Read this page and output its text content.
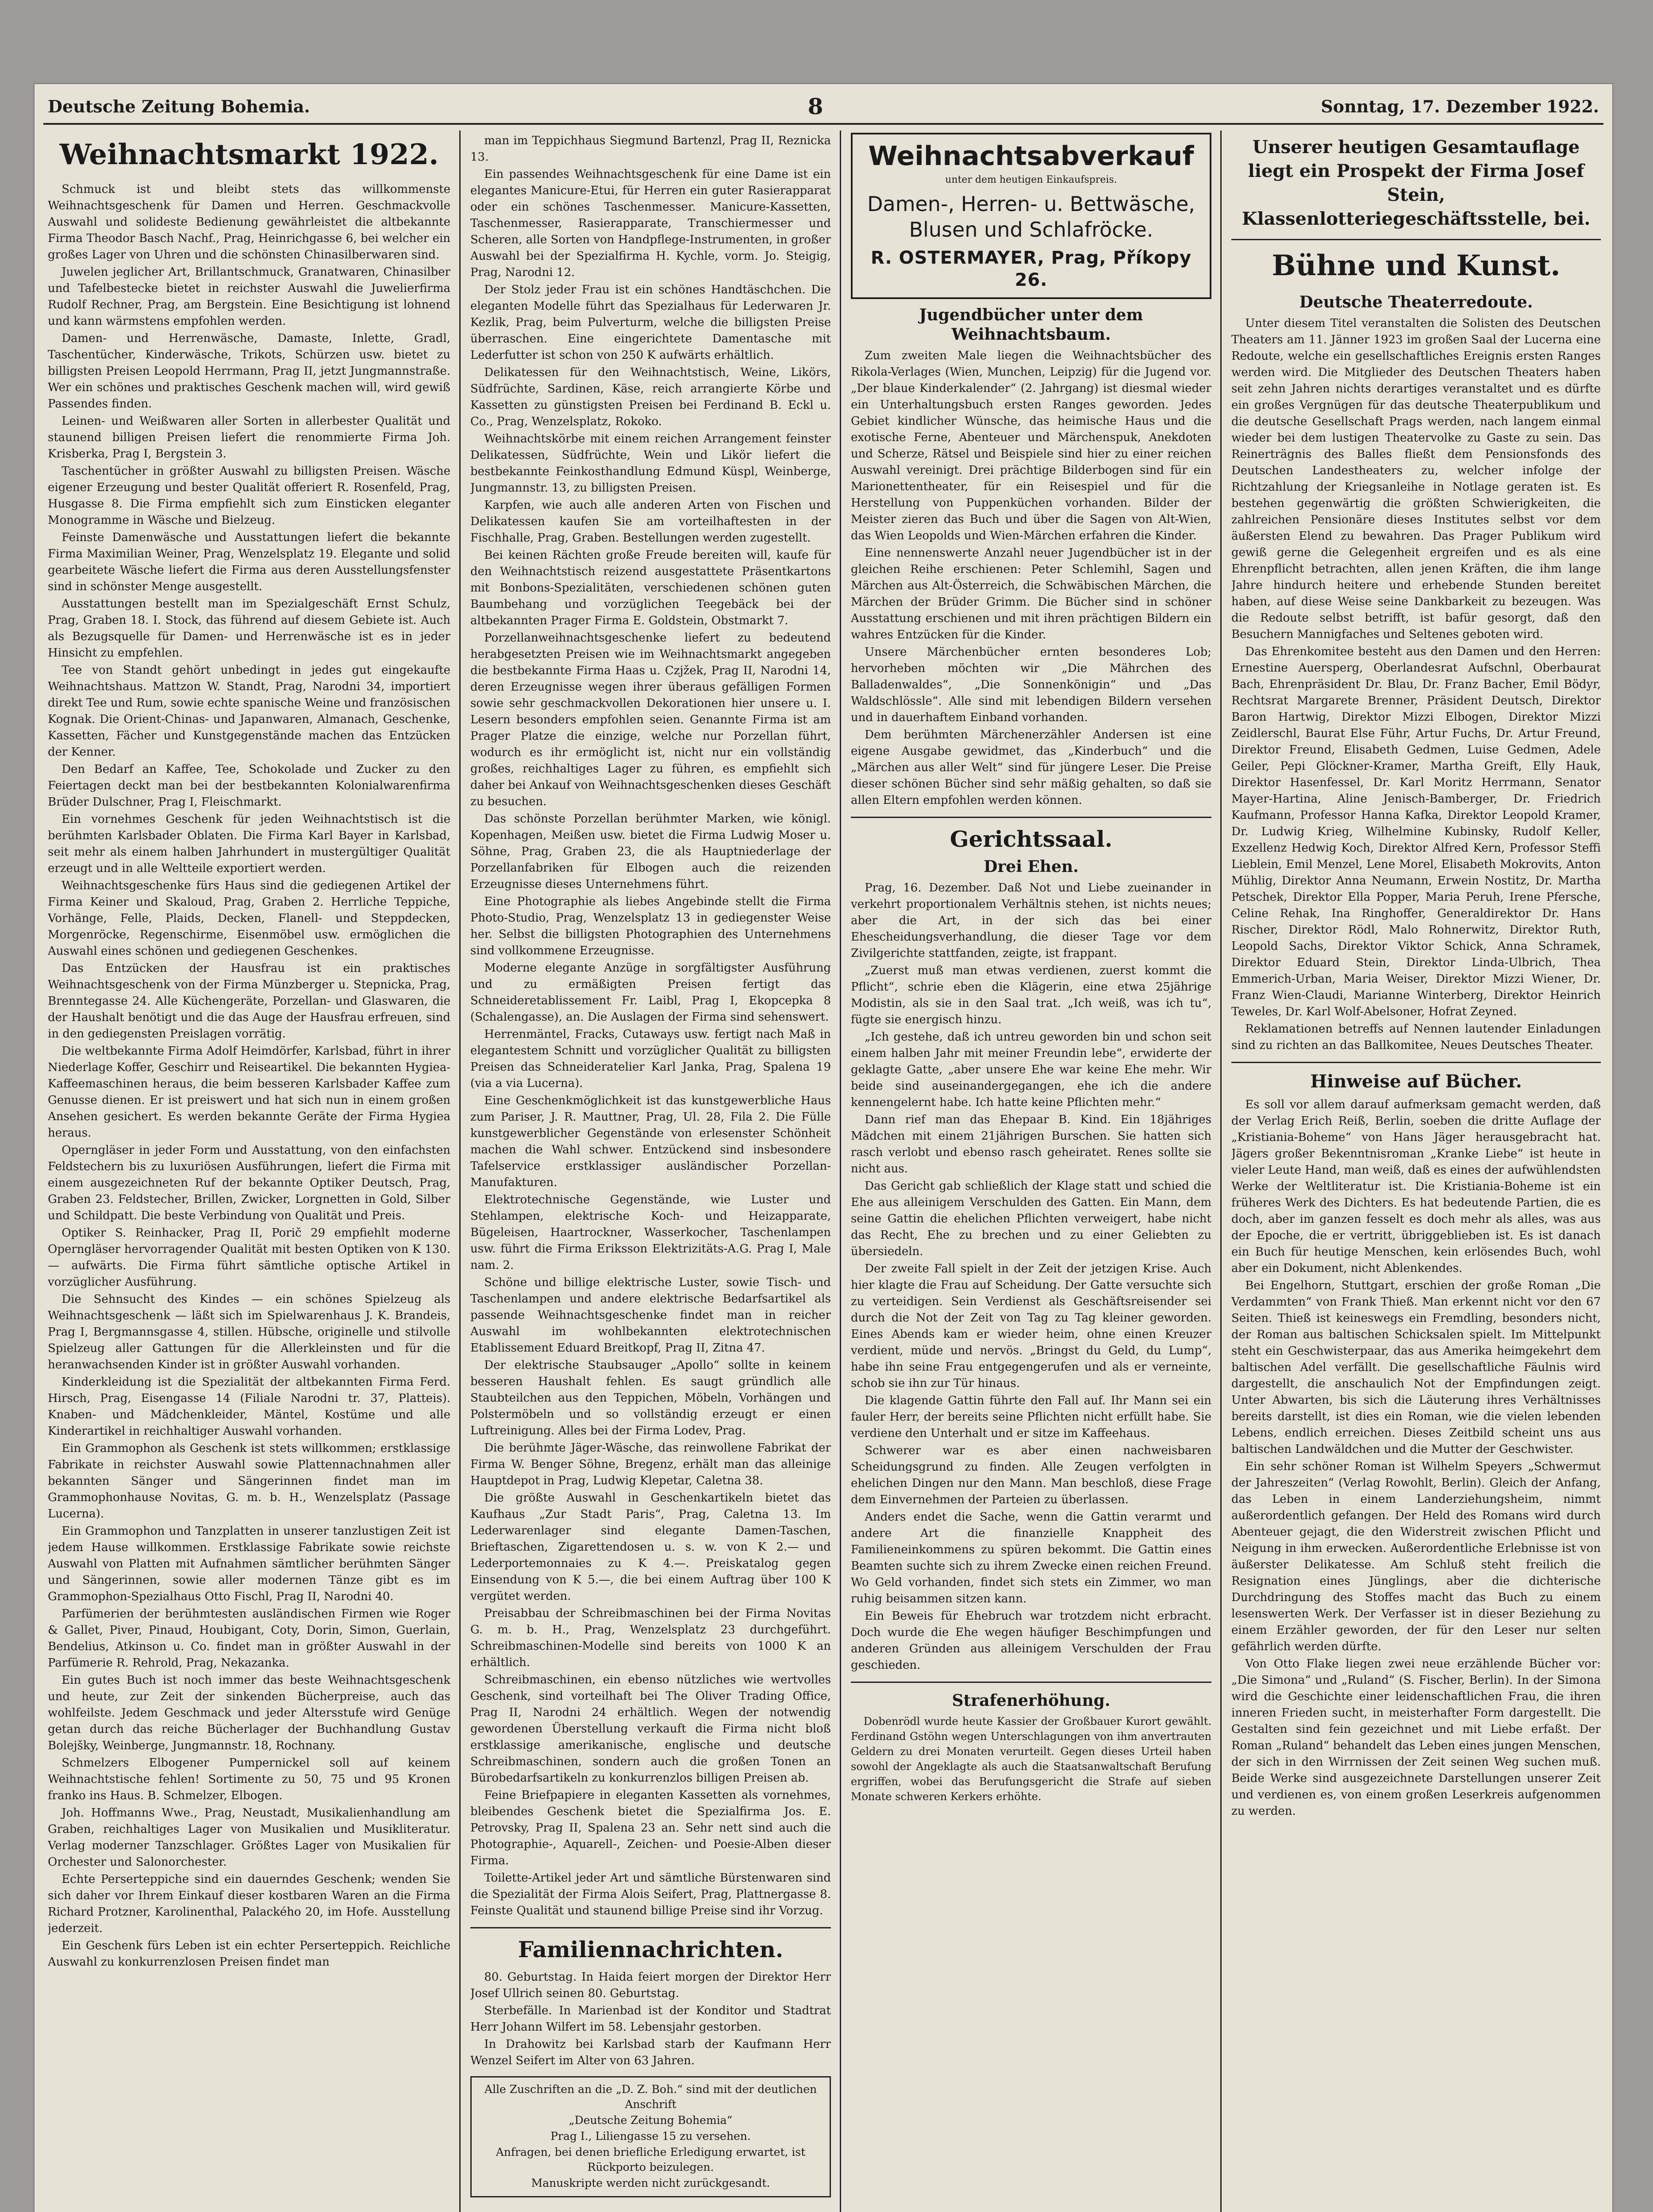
Deutsche Zeitung Bohemia.	8	Sonntag, 17. Dezember 1922.
Weihnachtsmarkt 1922.

Schmuck ist und bleibt stets das willkommenste Weihnachtsgeschenk für Damen und Herren. Geschmackvolle Auswahl und solideste Bedienung gewährleistet die altbekannte Firma Theodor Basch Nachf., Prag, Heinrichgasse 6, bei welcher ein großes Lager von Uhren und die schönsten Chinasilberwaren sind.

Juwelen jeglicher Art, Brillantschmuck, Granatwaren, Chinasilber und Tafelbestecke bietet in reichster Auswahl die Juwelierfirma Rudolf Rechner, Prag, am Bergstein. Eine Besichtigung ist lohnend und kann wärmstens empfohlen werden.

Damen- und Herrenwäsche, Damaste, Inlette, Gradl, Taschentücher, Kinderwäsche, Trikots, Schürzen usw. bietet zu billigsten Preisen Leopold Herrmann, Prag II, jetzt Jungmannstraße. Wer ein schönes und praktisches Geschenk machen will, wird gewiß Passendes finden.

Leinen- und Weißwaren aller Sorten in allerbester Qualität und staunend billigen Preisen liefert die renommierte Firma Joh. Krisberka, Prag I, Bergstein 3.

Taschentücher in größter Auswahl zu billigsten Preisen. Wäsche eigener Erzeugung und bester Qualität offeriert R. Rosenfeld, Prag, Husgasse 8. Die Firma empfiehlt sich zum Einsticken eleganter Monogramme in Wäsche und Bielzeug.

Feinste Damenwäsche und Ausstattungen liefert die bekannte Firma Maximilian Weiner, Prag, Wenzelsplatz 19. Elegante und solid gearbeitete Wäsche liefert die Firma aus deren Ausstellungsfenster sind in schönster Menge ausgestellt.

Ausstattungen bestellt man im Spezialgeschäft Ernst Schulz, Prag, Graben 18. I. Stock, das führend auf diesem Gebiete ist. Auch als Bezugsquelle für Damen- und Herrenwäsche ist es in jeder Hinsicht zu empfehlen.

Tee von Standt gehört unbedingt in jedes gut eingekaufte Weihnachtshaus. Mattzon W. Standt, Prag, Narodni 34, importiert direkt Tee und Rum, sowie echte spanische Weine und französischen Kognak. Die Orient-Chinas- und Japanwaren, Almanach, Geschenke, Kassetten, Fächer und Kunstgegenstände machen das Entzücken der Kenner.

Den Bedarf an Kaffee, Tee, Schokolade und Zucker zu den Feiertagen deckt man bei der bestbekannten Kolonialwarenfirma Brüder Dulschner, Prag I, Fleischmarkt.

Ein vornehmes Geschenk für jeden Weihnachtstisch ist die berühmten Karlsbader Oblaten. Die Firma Karl Bayer in Karlsbad, seit mehr als einem halben Jahrhundert in mustergültiger Qualität erzeugt und in alle Weltteile exportiert werden.

Weihnachtsgeschenke fürs Haus sind die gediegenen Artikel der Firma Keiner und Skaloud, Prag, Graben 2. Herrliche Teppiche, Vorhänge, Felle, Plaids, Decken, Flanell- und Steppdecken, Morgenröcke, Regenschirme, Eisenmöbel usw. ermöglichen die Auswahl eines schönen und gediegenen Geschenkes.

Das Entzücken der Hausfrau ist ein praktisches Weihnachtsgeschenk von der Firma Münzberger u. Stepnicka, Prag, Brenntegasse 24. Alle Küchengeräte, Porzellan- und Glaswaren, die der Haushalt benötigt und die das Auge der Hausfrau erfreuen, sind in den gediegensten Preislagen vorrätig.

Die weltbekannte Firma Adolf Heimdörfer, Karlsbad, führt in ihrer Niederlage Koffer, Geschirr und Reiseartikel. Die bekannten Hygiea-Kaffeemaschinen heraus, die beim besseren Karlsbader Kaffee zum Genusse dienen. Er ist preiswert und hat sich nun in einem großen Ansehen gesichert. Es werden bekannte Geräte der Firma Hygiea heraus.

Operngläser in jeder Form und Ausstattung, von den einfachsten Feldstechern bis zu luxuriösen Ausführungen, liefert die Firma mit einem ausgezeichneten Ruf der bekannte Optiker Deutsch, Prag, Graben 23. Feldstecher, Brillen, Zwicker, Lorgnetten in Gold, Silber und Schildpatt. Die beste Verbindung von Qualität und Preis.

Optiker S. Reinhacker, Prag II, Porič 29 empfiehlt moderne Operngläser hervorragender Qualität mit besten Optiken von K 130.— aufwärts. Die Firma führt sämtliche optische Artikel in vorzüglicher Ausführung.

Die Sehnsucht des Kindes — ein schönes Spielzeug als Weihnachtsgeschenk — läßt sich im Spielwarenhaus J. K. Brandeis, Prag I, Bergmannsgasse 4, stillen. Hübsche, originelle und stilvolle Spielzeug aller Gattungen für die Allerkleinsten und für die heranwachsenden Kinder ist in größter Auswahl vorhanden.

Kinderkleidung ist die Spezialität der altbekannten Firma Ferd. Hirsch, Prag, Eisengasse 14 (Filiale Narodni tr. 37, Platteis). Knaben- und Mädchenkleider, Mäntel, Kostüme und alle Kinderartikel in reichhaltiger Auswahl vorhanden.

Ein Grammophon als Geschenk ist stets willkommen; erstklassige Fabrikate in reichster Auswahl sowie Plattennachnahmen aller bekannten Sänger und Sängerinnen findet man im Grammophonhause Novitas, G. m. b. H., Wenzelsplatz (Passage Lucerna).

Ein Grammophon und Tanzplatten in unserer tanzlustigen Zeit ist jedem Hause willkommen. Erstklassige Fabrikate sowie reichste Auswahl von Platten mit Aufnahmen sämtlicher berühmten Sänger und Sängerinnen, sowie aller modernen Tänze gibt es im Grammophon-Spezialhaus Otto Fischl, Prag II, Narodni 40.

Parfümerien der berühmtesten ausländischen Firmen wie Roger & Gallet, Piver, Pinaud, Houbigant, Coty, Dorin, Simon, Guerlain, Bendelius, Atkinson u. Co. findet man in größter Auswahl in der Parfümerie R. Rehrold, Prag, Nekazanka.

Ein gutes Buch ist noch immer das beste Weihnachtsgeschenk und heute, zur Zeit der sinkenden Bücherpreise, auch das wohlfeilste. Jedem Geschmack und jeder Altersstufe wird Genüge getan durch das reiche Bücherlager der Buchhandlung Gustav Bolejšky, Weinberge, Jungmannstr. 18, Rochnany.

Schmelzers Elbogener Pumpernickel soll auf keinem Weihnachtstische fehlen! Sortimente zu 50, 75 und 95 Kronen franko ins Haus. B. Schmelzer, Elbogen.

Joh. Hoffmanns Wwe., Prag, Neustadt, Musikalienhandlung am Graben, reichhaltiges Lager von Musikalien und Musikliteratur. Verlag moderner Tanzschlager. Größtes Lager von Musikalien für Orchester und Salonorchester.

Echte Perserteppiche sind ein dauerndes Geschenk; wenden Sie sich daher vor Ihrem Einkauf dieser kostbaren Waren an die Firma Richard Protzner, Karolinenthal, Palackého 20, im Hofe. Ausstellung jederzeit.

Ein Geschenk fürs Leben ist ein echter Perserteppich. Reichliche Auswahl zu konkurrenzlosen Preisen findet man

man im Teppichhaus Siegmund Bartenzl, Prag II, Reznicka 13.

Ein passendes Weihnachtsgeschenk für eine Dame ist ein elegantes Manicure-Etui, für Herren ein guter Rasierapparat oder ein schönes Taschenmesser. Manicure-Kassetten, Taschenmesser, Rasierapparate, Transchiermesser und Scheren, alle Sorten von Handpflege-Instrumenten, in großer Auswahl bei der Spezialfirma H. Kychle, vorm. Jo. Steigig, Prag, Narodni 12.

Der Stolz jeder Frau ist ein schönes Handtäschchen. Die eleganten Modelle führt das Spezialhaus für Lederwaren Jr. Kezlik, Prag, beim Pulverturm, welche die billigsten Preise überraschen. Eine eingerichtete Damentasche mit Lederfutter ist schon von 250 K aufwärts erhältlich.

Delikatessen für den Weihnachtstisch, Weine, Likörs, Südfrüchte, Sardinen, Käse, reich arrangierte Körbe und Kassetten zu günstigsten Preisen bei Ferdinand B. Eckl u. Co., Prag, Wenzelsplatz, Rokoko.

Weihnachtskörbe mit einem reichen Arrangement feinster Delikatessen, Südfrüchte, Wein und Likör liefert die bestbekannte Feinkosthandlung Edmund Küspl, Weinberge, Jungmannstr. 13, zu billigsten Preisen.

Karpfen, wie auch alle anderen Arten von Fischen und Delikatessen kaufen Sie am vorteilhaftesten in der Fischhalle, Prag, Graben. Bestellungen werden zugestellt.

Bei keinen Rächten große Freude bereiten will, kaufe für den Weihnachtstisch reizend ausgestattete Präsentkartons mit Bonbons-Spezialitäten, verschiedenen schönen guten Baumbehang und vorzüglichen Teegebäck bei der altbekannten Prager Firma E. Goldstein, Obstmarkt 7.

Porzellanweihnachtsgeschenke liefert zu bedeutend herabgesetzten Preisen wie im Weihnachtsmarkt angegeben die bestbekannte Firma Haas u. Czjžek, Prag II, Narodni 14, deren Erzeugnisse wegen ihrer überaus gefälligen Formen sowie sehr geschmackvollen Dekorationen hier unsere u. I. Lesern besonders empfohlen seien. Genannte Firma ist am Prager Platze die einzige, welche nur Porzellan führt, wodurch es ihr ermöglicht ist, nicht nur ein vollständig großes, reichhaltiges Lager zu führen, es empfiehlt sich daher bei Ankauf von Weihnachtsgeschenken dieses Geschäft zu besuchen.

Das schönste Porzellan berühmter Marken, wie königl. Kopenhagen, Meißen usw. bietet die Firma Ludwig Moser u. Söhne, Prag, Graben 23, die als Hauptniederlage der Porzellanfabriken für Elbogen auch die reizenden Erzeugnisse dieses Unternehmens führt.

Eine Photographie als liebes Angebinde stellt die Firma Photo-Studio, Prag, Wenzelsplatz 13 in gediegenster Weise her. Selbst die billigsten Photographien des Unternehmens sind vollkommene Erzeugnisse.

Moderne elegante Anzüge in sorgfältigster Ausführung und zu ermäßigten Preisen fertigt das Schneideretablissement Fr. Laibl, Prag I, Ekopcepka 8 (Schalengasse), an. Die Auslagen der Firma sind sehenswert.

Herrenmäntel, Fracks, Cutaways usw. fertigt nach Maß in elegantestem Schnitt und vorzüglicher Qualität zu billigsten Preisen das Schneideratelier Karl Janka, Prag, Spalena 19 (via a via Lucerna).

Eine Geschenkmöglichkeit ist das kunstgewerbliche Haus zum Pariser, J. R. Mauttner, Prag, Ul. 28, Fila 2. Die Fülle kunstgewerblicher Gegenstände von erlesenster Schönheit machen die Wahl schwer. Entzückend sind insbesondere Tafelservice erstklassiger ausländischer Porzellan-Manufakturen.

Elektrotechnische Gegenstände, wie Luster und Stehlampen, elektrische Koch- und Heizapparate, Bügeleisen, Haartrockner, Wasserkocher, Taschenlampen usw. führt die Firma Eriksson Elektrizitäts-A.G. Prag I, Male nam. 2.

Schöne und billige elektrische Luster, sowie Tisch- und Taschenlampen und andere elektrische Bedarfsartikel als passende Weihnachtsgeschenke findet man in reicher Auswahl im wohlbekannten elektrotechnischen Etablissement Eduard Breitkopf, Prag II, Zitna 47.

Der elektrische Staubsauger „Apollo“ sollte in keinem besseren Haushalt fehlen. Es saugt gründlich alle Staubteilchen aus den Teppichen, Möbeln, Vorhängen und Polstermöbeln und so vollständig erzeugt er einen Luftreinigung. Alles bei der Firma Lodev, Prag.

Die berühmte Jäger-Wäsche, das reinwollene Fabrikat der Firma W. Benger Söhne, Bregenz, erhält man das alleinige Hauptdepot in Prag, Ludwig Klepetar, Caletna 38.

Die größte Auswahl in Geschenkartikeln bietet das Kaufhaus „Zur Stadt Paris“, Prag, Caletna 13. Im Lederwarenlager sind elegante Damen-Taschen, Brieftaschen, Zigarettendosen u. s. w. von K 2.— und Lederportemonnaies zu K 4.—. Preiskatalog gegen Einsendung von K 5.—, die bei einem Auftrag über 100 K vergütet werden.

Preisabbau der Schreibmaschinen bei der Firma Novitas G. m. b. H., Prag, Wenzelsplatz 23 durchgeführt. Schreibmaschinen-Modelle sind bereits von 1000 K an erhältlich.

Schreibmaschinen, ein ebenso nützliches wie wertvolles Geschenk, sind vorteilhaft bei The Oliver Trading Office, Prag II, Narodni 24 erhältlich. Wegen der notwendig gewordenen Überstellung verkauft die Firma nicht bloß erstklassige amerikanische, englische und deutsche Schreibmaschinen, sondern auch die großen Tonen an Bürobedarfsartikeln zu konkurrenzlos billigen Preisen ab.

Feine Briefpapiere in eleganten Kassetten als vornehmes, bleibendes Geschenk bietet die Spezialfirma Jos. E. Petrovsky, Prag II, Spalena 23 an. Sehr nett sind auch die Photographie-, Aquarell-, Zeichen- und Poesie-Alben dieser Firma.

Toilette-Artikel jeder Art und sämtliche Bürstenwaren sind die Spezialität der Firma Alois Seifert, Prag, Plattnergasse 8. Feinste Qualität und staunend billige Preise sind ihr Vorzug.

Familiennachrichten.

80. Geburtstag. In Haida feiert morgen der Direktor Herr Josef Ullrich seinen 80. Geburtstag.

Sterbefälle. In Marienbad ist der Konditor und Stadtrat Herr Johann Wilfert im 58. Lebensjahr gestorben.

In Drahowitz bei Karlsbad starb der Kaufmann Herr Wenzel Seifert im Alter von 63 Jahren.

Alle Zuschriften an die „D. Z. Boh.“ sind mit der deutlichen Anschrift

„Deutsche Zeitung Bohemia“

Prag I., Liliengasse 15 zu versehen.

Anfragen, bei denen briefliche Erledigung erwartet, ist Rückporto beizulegen.

Manuskripte werden nicht zurückgesandt.

Weihnachtsabverkauf
unter dem heutigen Einkaufspreis.
Damen-, Herren- u. Bettwäsche,
Blusen und Schlafröcke.
R. OSTERMAYER, Prag, Příkopy 26.
Jugendbücher unter dem Weihnachtsbaum.

Zum zweiten Male liegen die Weihnachtsbücher des Rikola-Verlages (Wien, Munchen, Leipzig) für die Jugend vor. „Der blaue Kinderkalender“ (2. Jahrgang) ist diesmal wieder ein Unterhaltungsbuch ersten Ranges geworden. Jedes Gebiet kindlicher Wünsche, das heimische Haus und die exotische Ferne, Abenteuer und Märchenspuk, Anekdoten und Scherze, Rätsel und Beispiele sind hier zu einer reichen Auswahl vereinigt. Drei prächtige Bilderbogen sind für ein Marionettentheater, für ein Reisespiel und für die Herstellung von Puppenküchen vorhanden. Bilder der Meister zieren das Buch und über die Sagen von Alt-Wien, das Wien Leopolds und Wien-Märchen erfahren die Kinder.

Eine nennenswerte Anzahl neuer Jugendbücher ist in der gleichen Reihe erschienen: Peter Schlemihl, Sagen und Märchen aus Alt-Österreich, die Schwäbischen Märchen, die Märchen der Brüder Grimm. Die Bücher sind in schöner Ausstattung erschienen und mit ihren prächtigen Bildern ein wahres Entzücken für die Kinder.

Unsere Märchenbücher ernten besonderes Lob; hervorheben möchten wir „Die Mährchen des Balladenwaldes“, „Die Sonnenkönigin“ und „Das Waldschlössle“. Alle sind mit lebendigen Bildern versehen und in dauerhaftem Einband vorhanden.

Dem berühmten Märchenerzähler Andersen ist eine eigene Ausgabe gewidmet, das „Kinderbuch“ und die „Märchen aus aller Welt“ sind für jüngere Leser. Die Preise dieser schönen Bücher sind sehr mäßig gehalten, so daß sie allen Eltern empfohlen werden können.

Gerichtssaal.
Drei Ehen.

Prag, 16. Dezember. Daß Not und Liebe zueinander in verkehrt proportionalem Verhältnis stehen, ist nichts neues; aber die Art, in der sich das bei einer Ehescheidungsverhandlung, die dieser Tage vor dem Zivilgerichte stattfanden, zeigte, ist frappant.

„Zuerst muß man etwas verdienen, zuerst kommt die Pflicht“, schrie eben die Klägerin, eine etwa 25jährige Modistin, als sie in den Saal trat. „Ich weiß, was ich tu“, fügte sie energisch hinzu.

„Ich gestehe, daß ich untreu geworden bin und schon seit einem halben Jahr mit meiner Freundin lebe“, erwiderte der geklagte Gatte, „aber unsere Ehe war keine Ehe mehr. Wir beide sind auseinandergegangen, ehe ich die andere kennengelernt habe. Ich hatte keine Pflichten mehr.“

Dann rief man das Ehepaar B. Kind. Ein 18jähriges Mädchen mit einem 21jährigen Burschen. Sie hatten sich rasch verlobt und ebenso rasch geheiratet. Renes sollte sie nicht aus.

Das Gericht gab schließlich der Klage statt und schied die Ehe aus alleinigem Verschulden des Gatten. Ein Mann, dem seine Gattin die ehelichen Pflichten verweigert, habe nicht das Recht, Ehe zu brechen und zu einer Geliebten zu übersiedeln.

Der zweite Fall spielt in der Zeit der jetzigen Krise. Auch hier klagte die Frau auf Scheidung. Der Gatte versuchte sich zu verteidigen. Sein Verdienst als Geschäftsreisender sei durch die Not der Zeit von Tag zu Tag kleiner geworden. Eines Abends kam er wieder heim, ohne einen Kreuzer verdient, müde und nervös. „Bringst du Geld, du Lump“, habe ihn seine Frau entgegengerufen und als er verneinte, schob sie ihn zur Tür hinaus.

Die klagende Gattin führte den Fall auf. Ihr Mann sei ein fauler Herr, der bereits seine Pflichten nicht erfüllt habe. Sie verdiene den Unterhalt und er sitze im Kaffeehaus.

Schwerer war es aber einen nachweisbaren Scheidungsgrund zu finden. Alle Zeugen verfolgten in ehelichen Dingen nur den Mann. Man beschloß, diese Frage dem Einvernehmen der Parteien zu überlassen.

Anders endet die Sache, wenn die Gattin verarmt und andere Art die finanzielle Knappheit des Familieneinkommens zu spüren bekommt. Die Gattin eines Beamten suchte sich zu ihrem Zwecke einen reichen Freund. Wo Geld vorhanden, findet sich stets ein Zimmer, wo man ruhig beisammen sitzen kann.

Ein Beweis für Ehebruch war trotzdem nicht erbracht. Doch wurde die Ehe wegen häufiger Beschimpfungen und anderen Gründen aus alleinigem Verschulden der Frau geschieden.

Strafenerhöhung.

Dobenrödl wurde heute Kassier der Großbauer Kurort gewählt. Ferdinand Gstöhn wegen Unterschlagungen von ihm anvertrauten Geldern zu drei Monaten verurteilt. Gegen dieses Urteil haben sowohl der Angeklagte als auch die Staatsanwaltschaft Berufung ergriffen, wobei das Berufungsgericht die Strafe auf sieben Monate schweren Kerkers erhöhte.

Unserer heutigen Gesamtauflage liegt ein Prospekt der Firma Josef Stein, Klassenlotteriegeschäftsstelle, bei.
Bühne und Kunst.
Deutsche Theaterredoute.

Unter diesem Titel veranstalten die Solisten des Deutschen Theaters am 11. Jänner 1923 im großen Saal der Lucerna eine Redoute, welche ein gesellschaftliches Ereignis ersten Ranges werden wird. Die Mitglieder des Deutschen Theaters haben seit zehn Jahren nichts derartiges veranstaltet und es dürfte ein großes Vergnügen für das deutsche Theaterpublikum und die deutsche Gesellschaft Prags werden, nach langem einmal wieder bei dem lustigen Theatervolke zu Gaste zu sein. Das Reinerträgnis des Balles fließt dem Pensionsfonds des Deutschen Landestheaters zu, welcher infolge der Richtzahlung der Kriegsanleihe in Notlage geraten ist. Es bestehen gegenwärtig die größten Schwierigkeiten, die zahlreichen Pensionäre dieses Institutes selbst vor dem äußersten Elend zu bewahren. Das Prager Publikum wird gewiß gerne die Gelegenheit ergreifen und es als eine Ehrenpflicht betrachten, allen jenen Kräften, die ihm lange Jahre hindurch heitere und erhebende Stunden bereitet haben, auf diese Weise seine Dankbarkeit zu bezeugen. Was die Redoute selbst betrifft, ist bafür gesorgt, daß den Besuchern Mannigfaches und Seltenes geboten wird.

Das Ehrenkomitee besteht aus den Damen und den Herren: Ernestine Auersperg, Oberlandesrat Aufschnl, Oberbaurat Bach, Ehrenpräsident Dr. Blau, Dr. Franz Bacher, Emil Bödyr, Rechtsrat Margarete Brenner, Präsident Deutsch, Direktor Baron Hartwig, Direktor Mizzi Elbogen, Direktor Mizzi Zeidlerschl, Baurat Else Führ, Artur Fuchs, Dr. Artur Freund, Direktor Freund, Elisabeth Gedmen, Luise Gedmen, Adele Geiler, Pepi Glöckner-Kramer, Martha Greift, Elly Hauk, Direktor Hasenfessel, Dr. Karl Moritz Herrmann, Senator Mayer-Hartina, Aline Jenisch-Bamberger, Dr. Friedrich Kaufmann, Professor Hanna Kafka, Direktor Leopold Kramer, Dr. Ludwig Krieg, Wilhelmine Kubinsky, Rudolf Keller, Exzellenz Hedwig Koch, Direktor Alfred Kern, Professor Steffi Lieblein, Emil Menzel, Lene Morel, Elisabeth Mokrovits, Anton Mühlig, Direktor Anna Neumann, Erwein Nostitz, Dr. Martha Petschek, Direktor Ella Popper, Maria Peruh, Irene Pfersche, Celine Rehak, Ina Ringhoffer, Generaldirektor Dr. Hans Rischer, Direktor Rödl, Malo Rohnerwitz, Direktor Ruth, Leopold Sachs, Direktor Viktor Schick, Anna Schramek, Direktor Eduard Stein, Direktor Linda-Ulbrich, Thea Emmerich-Urban, Maria Weiser, Direktor Mizzi Wiener, Dr. Franz Wien-Claudi, Marianne Winterberg, Direktor Heinrich Teweles, Dr. Karl Wolf-Abelsoner, Hofrat Zeyned.

Reklamationen betreffs auf Nennen lautender Einladungen sind zu richten an das Ballkomitee, Neues Deutsches Theater.

Hinweise auf Bücher.

Es soll vor allem darauf aufmerksam gemacht werden, daß der Verlag Erich Reiß, Berlin, soeben die dritte Auflage der „Kristiania-Boheme“ von Hans Jäger herausgebracht hat. Jägers großer Bekenntnisroman „Kranke Liebe“ ist heute in vieler Leute Hand, man weiß, daß es eines der aufwühlendsten Werke der Weltliteratur ist. Die Kristiania-Boheme ist ein früheres Werk des Dichters. Es hat bedeutende Partien, die es doch, aber im ganzen fesselt es doch mehr als alles, was aus der Epoche, die er vertritt, übriggeblieben ist. Es ist danach ein Buch für heutige Menschen, kein erlösendes Buch, wohl aber ein Dokument, nicht Ablenkendes.

Bei Engelhorn, Stuttgart, erschien der große Roman „Die Verdammten“ von Frank Thieß. Man erkennt nicht vor den 67 Seiten. Thieß ist keineswegs ein Fremdling, besonders nicht, der Roman aus baltischen Schicksalen spielt. Im Mittelpunkt steht ein Geschwisterpaar, das aus Amerika heimgekehrt dem baltischen Adel verfällt. Die gesellschaftliche Fäulnis wird dargestellt, die anschaulich Not der Empfindungen zeigt. Unter Abwarten, bis sich die Läuterung ihres Verhältnisses bereits darstellt, ist dies ein Roman, wie die vielen lebenden Lebens, endlich erreichen. Dieses Zeitbild scheint uns aus baltischen Landwäldchen und die Mutter der Geschwister.

Ein sehr schöner Roman ist Wilhelm Speyers „Schwermut der Jahreszeiten“ (Verlag Rowohlt, Berlin). Gleich der Anfang, das Leben in einem Landerziehungsheim, nimmt außerordentlich gefangen. Der Held des Romans wird durch Abenteuer gejagt, die den Widerstreit zwischen Pflicht und Neigung in ihm erwecken. Außerordentliche Erlebnisse ist von äußerster Delikatesse. Am Schluß steht freilich die Resignation eines Jünglings, aber die dichterische Durchdringung des Stoffes macht das Buch zu einem lesenswerten Werk. Der Verfasser ist in dieser Beziehung zu einem Erzähler geworden, der für den Leser nur selten gefährlich werden dürfte.

Von Otto Flake liegen zwei neue erzählende Bücher vor: „Die Simona“ und „Ruland“ (S. Fischer, Berlin). In der Simona wird die Geschichte einer leidenschaftlichen Frau, die ihren inneren Frieden sucht, in meisterhafter Form dargestellt. Die Gestalten sind fein gezeichnet und mit Liebe erfaßt. Der Roman „Ruland“ behandelt das Leben eines jungen Menschen, der sich in den Wirrnissen der Zeit seinen Weg suchen muß. Beide Werke sind ausgezeichnete Darstellungen unserer Zeit und verdienen es, von einem großen Leserkreis aufgenommen zu werden.
